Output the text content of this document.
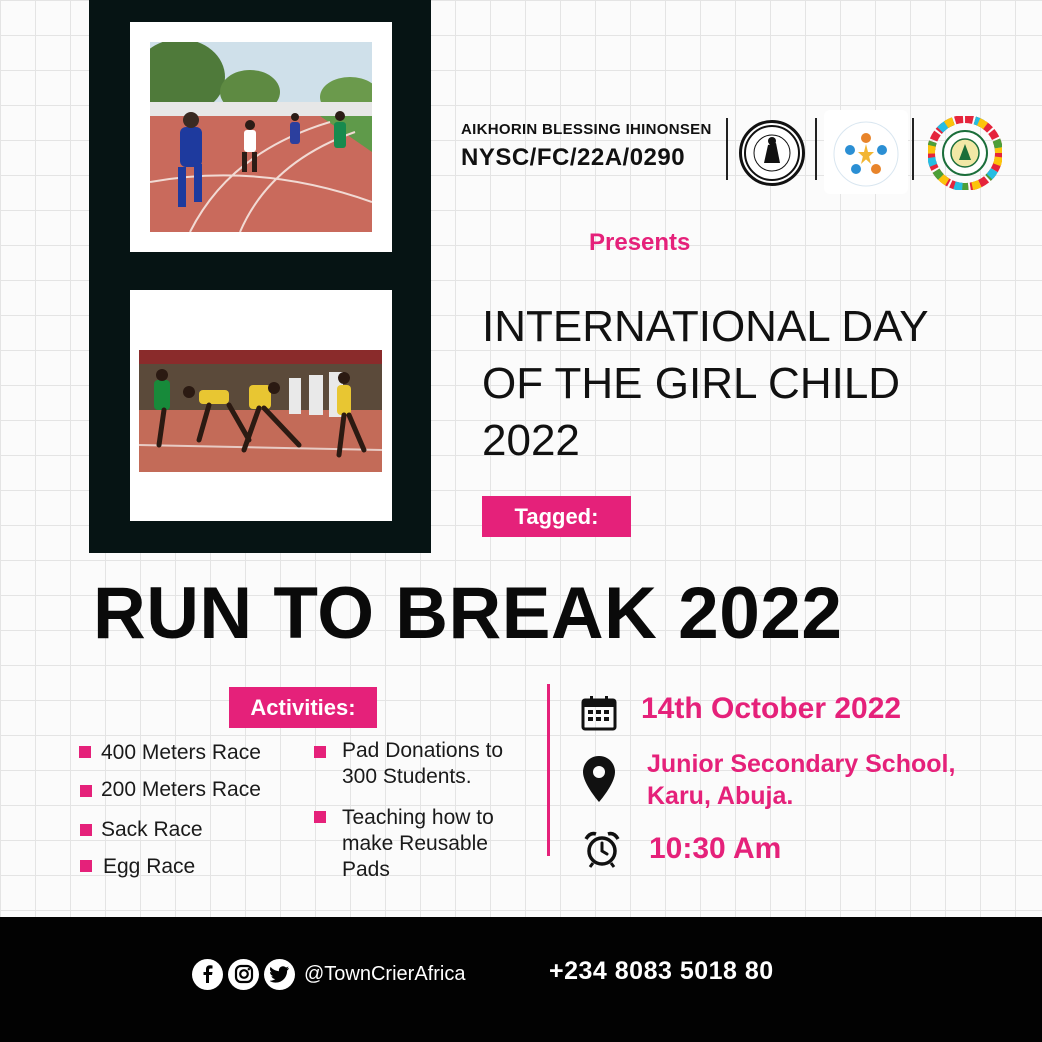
AIKHORIN BLESSING IHINONSEN
NYSC/FC/22A/0290
Presents
INTERNATIONAL DAY
OF THE GIRL CHILD
2022
Tagged:
RUN TO BREAK 2022
Activities:
400 Meters Race
200 Meters Race
Sack Race
Egg Race
Pad Donations to
300 Students.
Teaching how to
make Reusable
Pads
14th October 2022
Junior Secondary School,
Karu, Abuja.
10:30 Am
@TownCrierAfrica	+234 8083 5018 80
